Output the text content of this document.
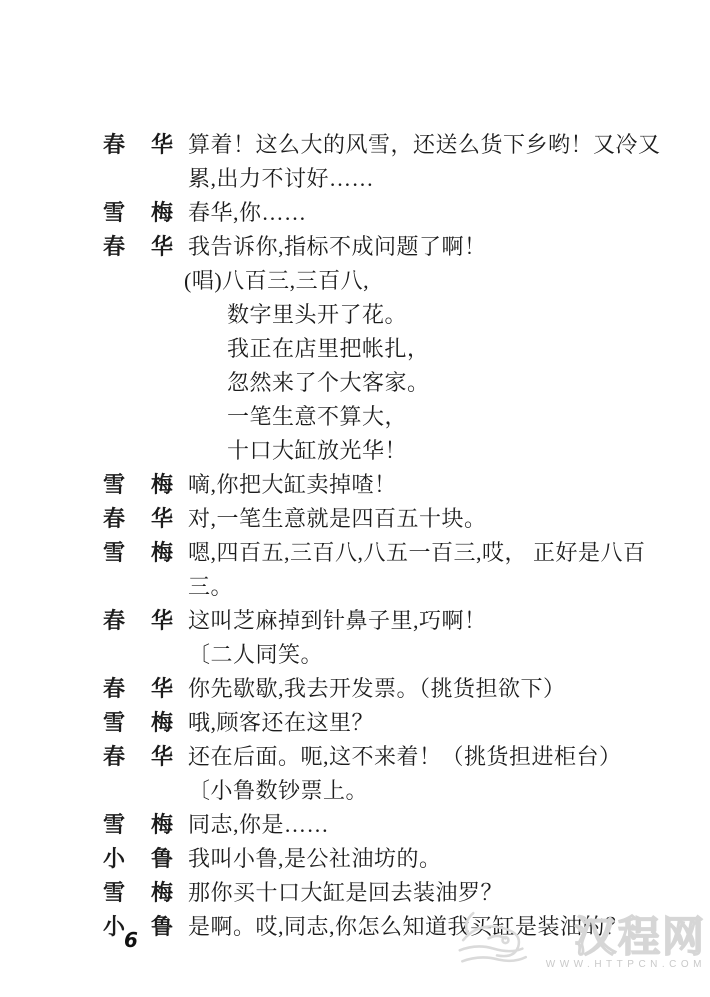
春 华 算着！这么大的风雪，还送么货下乡哟！又冷又
累,出力不讨好……
雪 梅 春华,你……
春 华 我告诉你,指标不成问题了啊！
(唱)八百三,三百八,
数字里头开了花。
我正在店里把帐扎，
忽然来了个大客家。
一笔生意不算大，
十口大缸放光华！
雪 梅 嘀,你把大缸卖掉喳！
春 华 对,一笔生意就是四百五十块。
雪 梅 嗯,四百五,三百八,八五一百三,哎， 正好是八百
三。
春 华 这叫芝麻掉到针鼻子里,巧啊！
〔二人同笑。
春 华 你先歇歇,我去开发票。（挑货担欲下）
雪 梅 哦,顾客还在这里？
春 华 还在后面。呃,这不来着！（挑货担进柜台）
〔小鲁数钞票上。
雪 梅 同志,你是……
小 鲁 我叫小鲁,是公社油坊的。
雪 梅 那你买十口大缸是回去装油罗？
小 鲁 是啊。哎,同志,你怎么知道我买缸是装油的？
6	汉程网
WWW.HTTPCN.COM
